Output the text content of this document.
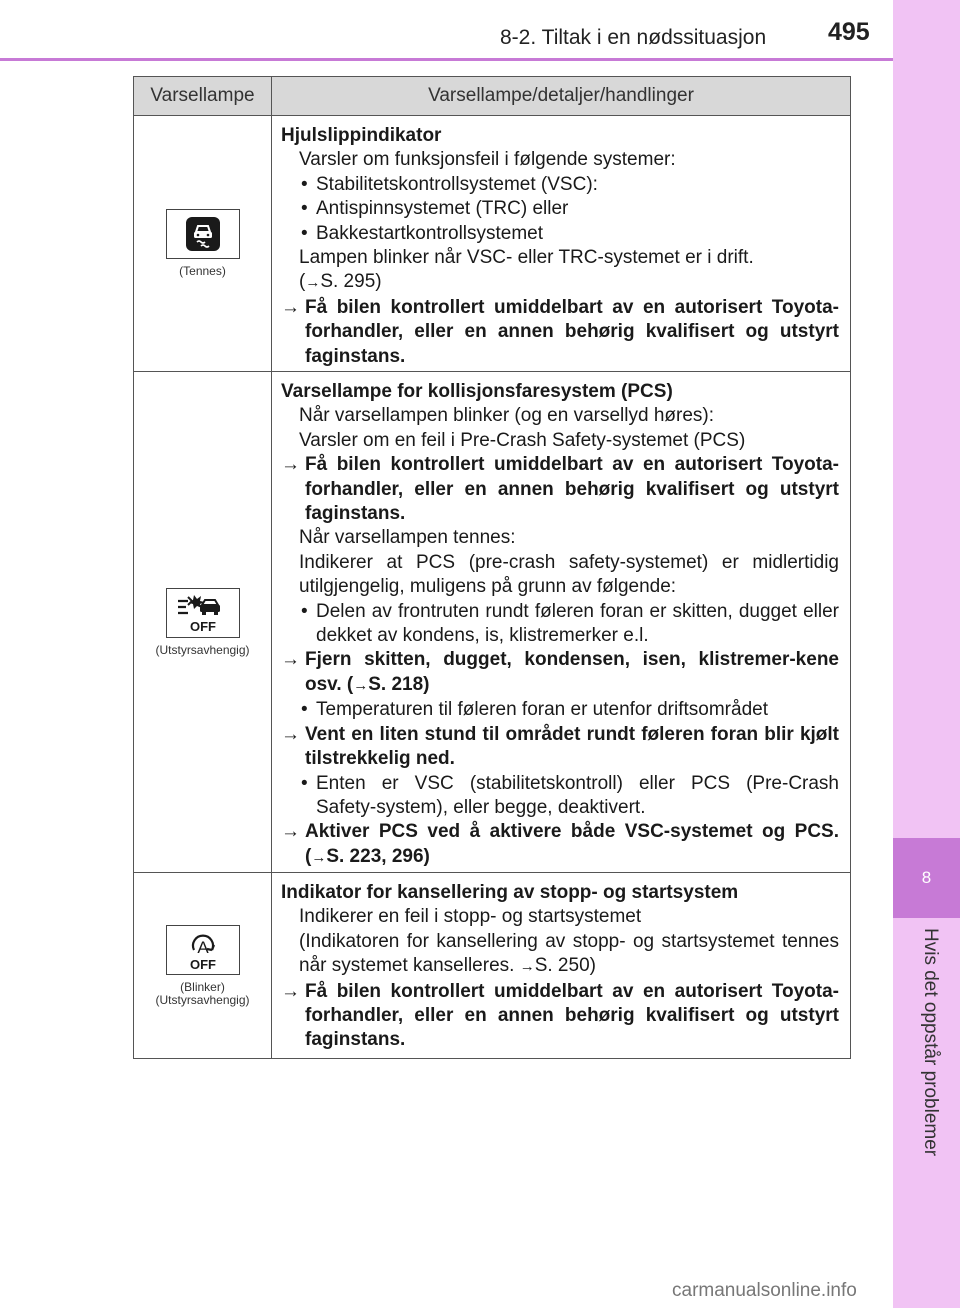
8-2. Tiltak i en nødssituasjon 495
8
Hvis det oppstår problemer
Varsellampe	Varsellampe/detaljer/handlinger
(Tennes)

Hjulslippindikator

Varsler om funksjonsfeil i følgende systemer:

• Stabilitetskontrollsystemet (VSC):

• Antispinnsystemet (TRC) eller

• Bakkestartkontrollsystemet

Lampen blinker når VSC- eller TRC-systemet er i drift.

(→S. 295)

→ Få bilen kontrollert umiddelbart av en autorisert Toyota-forhandler, eller en annen behørig kvalifisert og utstyrt faginstans.

OFF
(Utstyrsavhengig)

Varsellampe for kollisjonsfaresystem (PCS)

Når varsellampen blinker (og en varsellyd høres):

Varsler om en feil i Pre-Crash Safety-systemet (PCS)

→ Få bilen kontrollert umiddelbart av en autorisert Toyota-forhandler, eller en annen behørig kvalifisert og utstyrt faginstans.

Når varsellampen tennes:

Indikerer at PCS (pre-crash safety-systemet) er midlertidig utilgjengelig, muligens på grunn av følgende:

• Delen av frontruten rundt føleren foran er skitten, dugget eller dekket av kondens, is, klistremerker e.l.

→ Fjern skitten, dugget, kondensen, isen, klistremer-kene osv. (→S. 218)

• Temperaturen til føleren foran er utenfor driftsområdet

→ Vent en liten stund til området rundt føleren foran blir kjølt tilstrekkelig ned.

• Enten er VSC (stabilitetskontroll) eller PCS (Pre-Crash Safety-system), eller begge, deaktivert.

→ Aktiver PCS ved å aktivere både VSC-systemet og PCS. (→S. 223, 296)

A
OFF
(Blinker)
(Utstyrsavhengig)

Indikator for kansellering av stopp- og startsystem

Indikerer en feil i stopp- og startsystemet

(Indikatoren for kansellering av stopp- og startsystemet tennes når systemet kanselleres. →S. 250)

→ Få bilen kontrollert umiddelbart av en autorisert Toyota-forhandler, eller en annen behørig kvalifisert og utstyrt faginstans.

carmanualsonline.info
